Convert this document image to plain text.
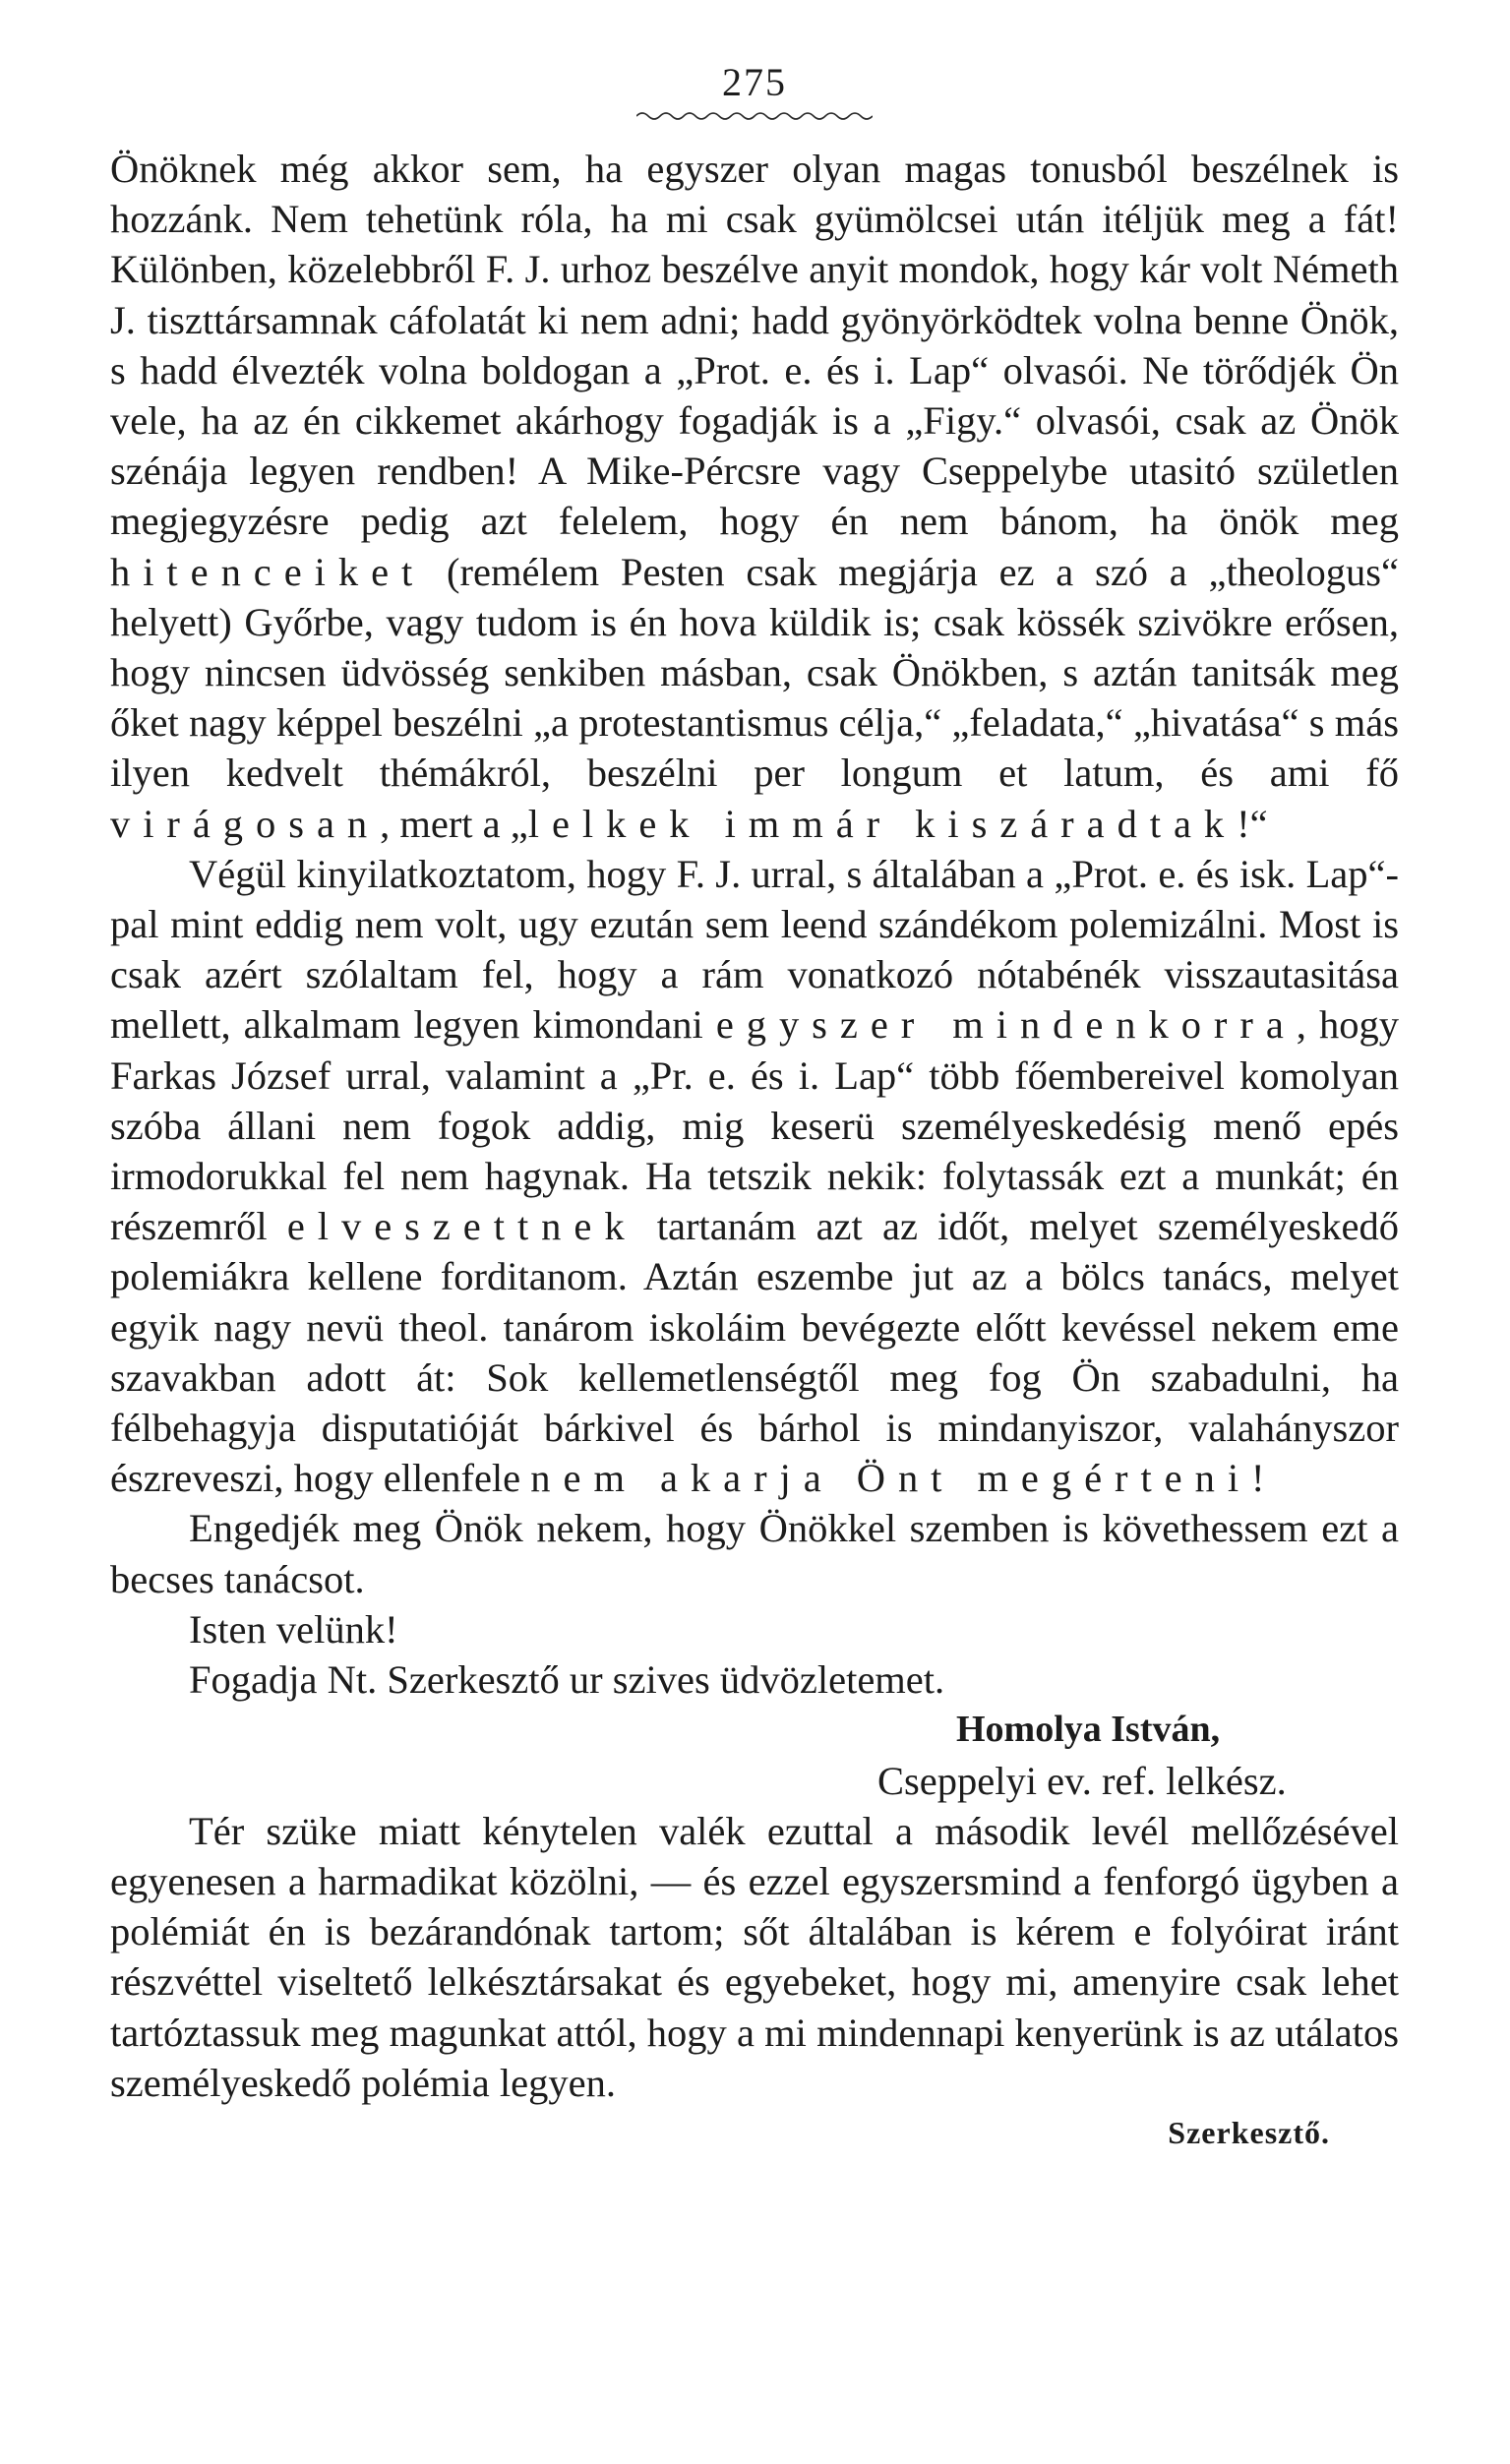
275

Önöknek még akkor sem, ha egyszer olyan magas tonusból beszélnek is hozzánk. Nem tehetünk róla, ha mi csak gyümölcsei után itéljük meg a fát! Különben, közelebbről F. J. urhoz beszélve anyit mondok, hogy kár volt Németh J. tiszttársamnak cáfolatát ki nem adni; hadd gyönyörködtek volna benne Önök, s hadd élvezték volna boldogan a „Prot. e. és i. Lap“ olvasói. Ne törődjék Ön vele, ha az én cikkemet akárhogy fogadják is a „Figy.“ olvasói, csak az Önök szénája legyen rendben! A Mike-Pércsre vagy Cseppelybe utasitó születlen megjegyzésre pedig azt felelem, hogy én nem bánom, ha önök meg hitenceiket (remélem Pesten csak megjárja ez a szó a „theologus“ helyett) Győrbe, vagy tudom is én hova küldik is; csak kössék szivökre erősen, hogy nincsen üdvösség senkiben másban, csak Önökben, s aztán tanitsák meg őket nagy képpel beszélni „a protestantismus célja,“ „feladata,“ „hivatása“ s más ilyen kedvelt thémákról, beszélni per longum et latum, és ami fő virágosan, mert a „lelkek immár kiszáradtak!“

Végül kinyilatkoztatom, hogy F. J. urral, s általában a „Prot. e. és isk. Lap“-pal mint eddig nem volt, ugy ezután sem leend szándékom polemizálni. Most is csak azért szólaltam fel, hogy a rám vonatkozó nótabénék visszautasitása mellett, alkalmam legyen kimondani egyszer mindenkorra, hogy Farkas József urral, valamint a „Pr. e. és i. Lap“ több főembereivel komolyan szóba állani nem fogok addig, mig keserü személyeskedésig menő epés irmodorukkal fel nem hagynak. Ha tetszik nekik: folytassák ezt a munkát; én részemről elveszettnek tartanám azt az időt, melyet személyeskedő polemiákra kellene forditanom. Aztán eszembe jut az a bölcs tanács, melyet egyik nagy nevü theol. tanárom iskoláim bevégezte előtt kevéssel nekem eme szavakban adott át: Sok kellemetlenségtől meg fog Ön szabadulni, ha félbehagyja disputatióját bárkivel és bárhol is mindanyiszor, valahányszor észreveszi, hogy ellenfele nem akarja Önt megérteni!

Engedjék meg Önök nekem, hogy Önökkel szemben is követhessem ezt a becses tanácsot.

Isten velünk!

Fogadja Nt. Szerkesztő ur szives üdvözletemet.

Homolya István,

Cseppelyi ev. ref. lelkész.

Tér szüke miatt kénytelen valék ezuttal a második levél mellőzésével egyenesen a harmadikat közölni, — és ezzel egyszersmind a fenforgó ügyben a polémiát én is bezárandónak tartom; sőt általában is kérem e folyóirat iránt részvéttel viseltető lelkésztársakat és egyebeket, hogy mi, amenyire csak lehet tartóztassuk meg magunkat attól, hogy a mi mindennapi kenyerünk is az utálatos személyeskedő polémia legyen.

Szerkesztő.
